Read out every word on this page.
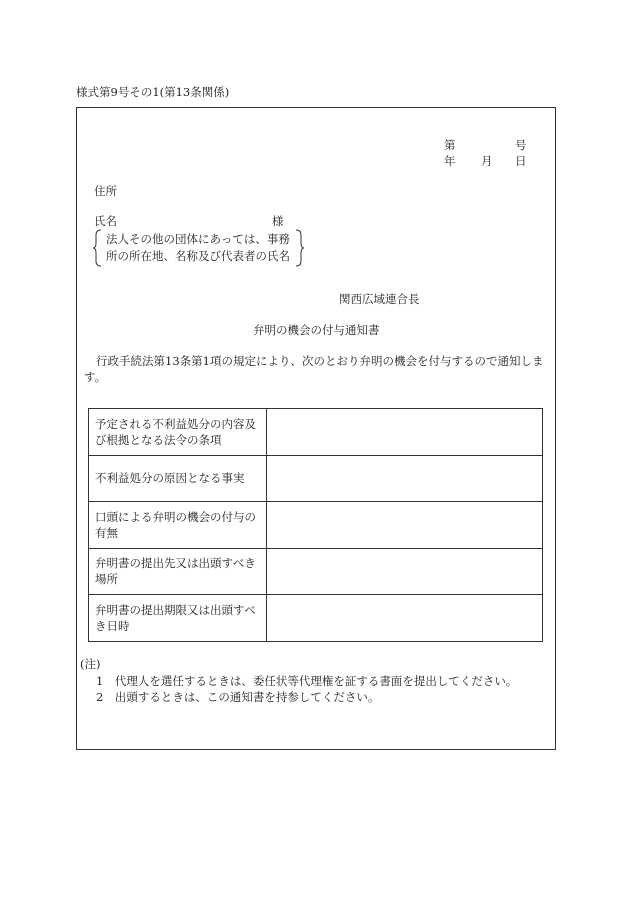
様式第9号その1(第13条関係)
第	号
年 月 日
住所
氏名	様
法人その他の団体にあっては、事務
所の所在地、名称及び代表者の氏名
関西広域連合長
弁明の機会の付与通知書
行政手続法第13条第1項の規定により、次のとおり弁明の機会を付与するので通知します。
予定される不利益処分の内容及び根拠となる法令の条項	
不利益処分の原因となる事実	
口頭による弁明の機会の付与の有無	
弁明書の提出先又は出頭すべき場所	
弁明書の提出期限又は出頭すべき日時	
(注)
1　代理人を選任するときは、委任状等代理権を証する書面を提出してください。
2　出頭するときは、この通知書を持参してください。
